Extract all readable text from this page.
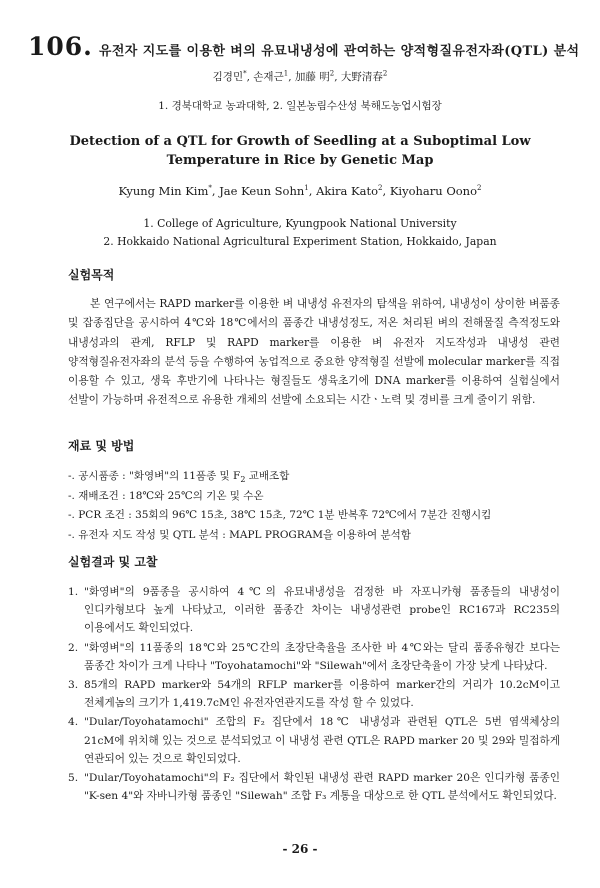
106. 유전자 지도를 이용한 벼의 유묘내냉성에 관여하는 양적형질유전자좌(QTL) 분석
김경민*, 손재근$^1$, 加藤 明$^2$, 大野清春$^2$
1. 경북대학교 농과대학, 2. 일본농림수산성 북해도농업시험장
Detection of a QTL for Growth of Seedling at a Suboptimal Low Temperature in Rice by Genetic Map
Kyung Min Kim*, Jae Keun Sohn$^1$, Akira Kato$^2$, Kiyoharu Oono$^2$
1. College of Agriculture, Kyungpook National University
2. Hokkaido National Agricultural Experiment Station, Hokkaido, Japan
실험목적
본 연구에서는 RAPD marker를 이용한 벼 내냉성 유전자의 탐색을 위하여, 내냉성이 상이한 벼품종 및 잡종집단을 공시하여 4℃와 18℃에서의 품종간 내냉성정도, 저온 처리된 벼의 전해물질 측적정도와 내냉성과의 관계, RFLP 및 RAPD marker를 이용한 벼 유전자 지도작성과 내냉성 관련 양적형질유전자좌의 분석 등을 수행하여 농업적으로 중요한 양적형질 선발에 molecular marker를 직접 이용할 수 있고, 생육 후반기에 나타나는 형질들도 생육초기에 DNA marker를 이용하여 실험실에서 선발이 가능하며 유전적으로 유용한 개체의 선발에 소요되는 시간ㆍ노력 및 경비를 크게 줄이기 위함.
재료 및 방법
-. 공시품종 : "화영벼"의 11품종 및 $F_2$ 교배조합
-. 재배조건 : 18℃와 25℃의 기온 및 수온
-. PCR 조건 : 35회의 96℃ 15초, 38℃ 15초, 72℃ 1분 반복후 72℃에서 7분간 진행시킴
-. 유전자 지도 작성 및 QTL 분석 : MAPL PROGRAM을 이용하여 분석함
실험결과 및 고찰
1. "화영벼"의 9품종을 공시하여 4℃의 유묘내냉성을 검정한 바 자포니카형 품종들의 내냉성이 인디카형보다 높게 나타났고, 이러한 품종간 차이는 내냉성관련 probe인 RC167과 RC235의 이용에서도 확인되었다.
2. "화영벼"의 11품종의 18℃와 25℃간의 초장단축율을 조사한 바 4℃와는 달리 품종유형간 보다는 품종간 차이가 크게 나타나 "Toyohatamochi"와 "Silewah"에서 초장단축율이 가장 낮게 나타났다.
3. 85개의 RAPD marker와 54개의 RFLP marker를 이용하여 marker간의 거리가 10.2cM이고 전체게놈의 크기가 1,419.7cM인 유전자연관지도를 작성 할 수 있었다.
4. "Dular/Toyohatamochi" 조합의 F₂ 집단에서 18℃ 내냉성과 관련된 QTL은 5번 염색체상의 21cM에 위치해 있는 것으로 분석되었고 이 내냉성 관련 QTL은 RAPD marker 20 및 29와 밀접하게 연관되어 있는 것으로 확인되었다.
5. "Dular/Toyohatamochi"의 F₂ 집단에서 확인된 내냉성 관련 RAPD marker 20은 인디카형 품종인 "K-sen 4"와 자바니카형 품종인 "Silewah" 조합 F₃ 계통을 대상으로 한 QTL 분석에서도 확인되었다.
- 26 -
